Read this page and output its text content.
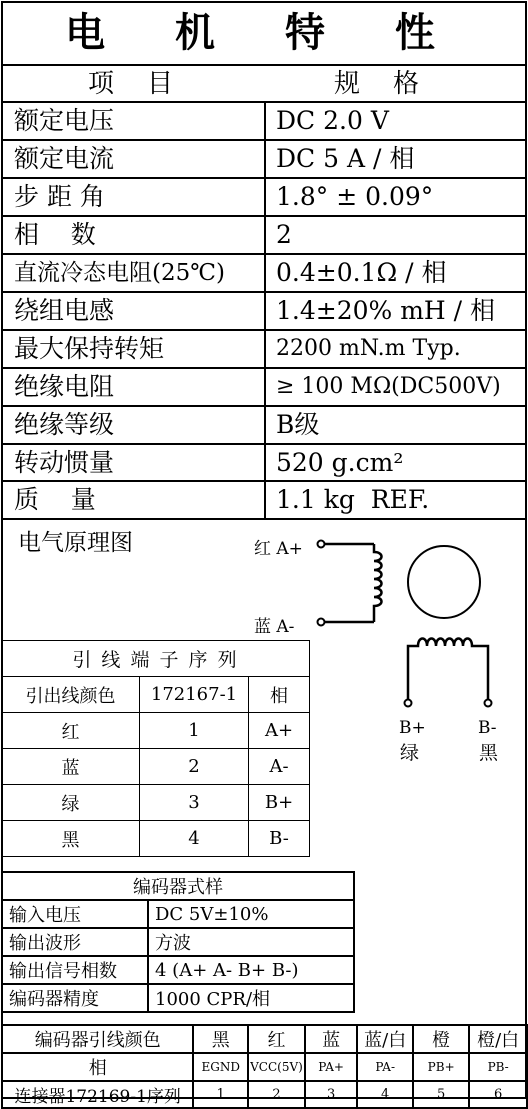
电 机 特 性
项    目	规    格
额定电压	DC 2.0 V
额定电流	DC 5 A / 相
步 距 角	1.8° ± 0.09°
相    数	2
直流冷态电阻(25℃) 0.4±0.1Ω / 相
绕组电感	1.4±20% mH / 相
最大保持转矩	2200 mN.m Typ.
绝缘电阻	≥ 100 MΩ(DC500V)
绝缘等级	B级
转动惯量	520 g.cm²
质    量	1.1 kg  REF.
电气原理图	红 A+
蓝 A-
B+	B-
绿	黑
引 线 端 子 序 列		
引出线颜色	172167-1	相
红	1	A+
蓝	2	A-
绿	3	B+
黑	4	B-
编码器式样	
输入电压	DC 5V±10%
输出波形	方波
输出信号相数	4 (A+ A- B+ B-)
编码器精度	1000 CPR/相
编码器引线颜色	黑	红	蓝	蓝/白	橙	橙/白
相	EGND	VCC(5V)	PA+	PA-	PB+	PB-
连接器172169-1序列	1	2	3	4	5	6
